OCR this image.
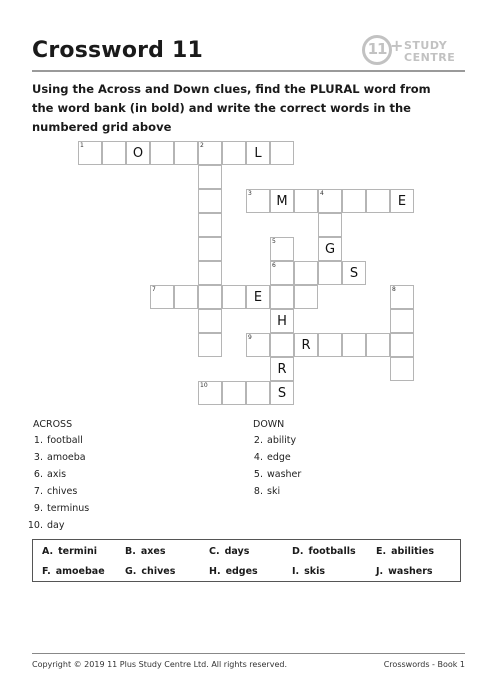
Crossword 11	11 + STUDY
CENTRE
Using the Across and Down clues, find the PLURAL word from the word bank (in bold) and write the correct words in the numbered grid above
1
O
2
L
3
M
4
E
5
G
6
S
7
E
8
H
9
R
R
10
S
ACROSS
1. football
3. amoeba
6. axis
7. chives
9. terminus
10. day
DOWN
2. ability
4. edge
5. washer
8. ski
A. termini	B. axes	C. days	D. footballs E. abilities
F. amoebae G. chives	H. edges	I. skis	J. washers
Copyright © 2019 11 Plus Study Centre Ltd. All rights reserved.	Crosswords - Book 1
